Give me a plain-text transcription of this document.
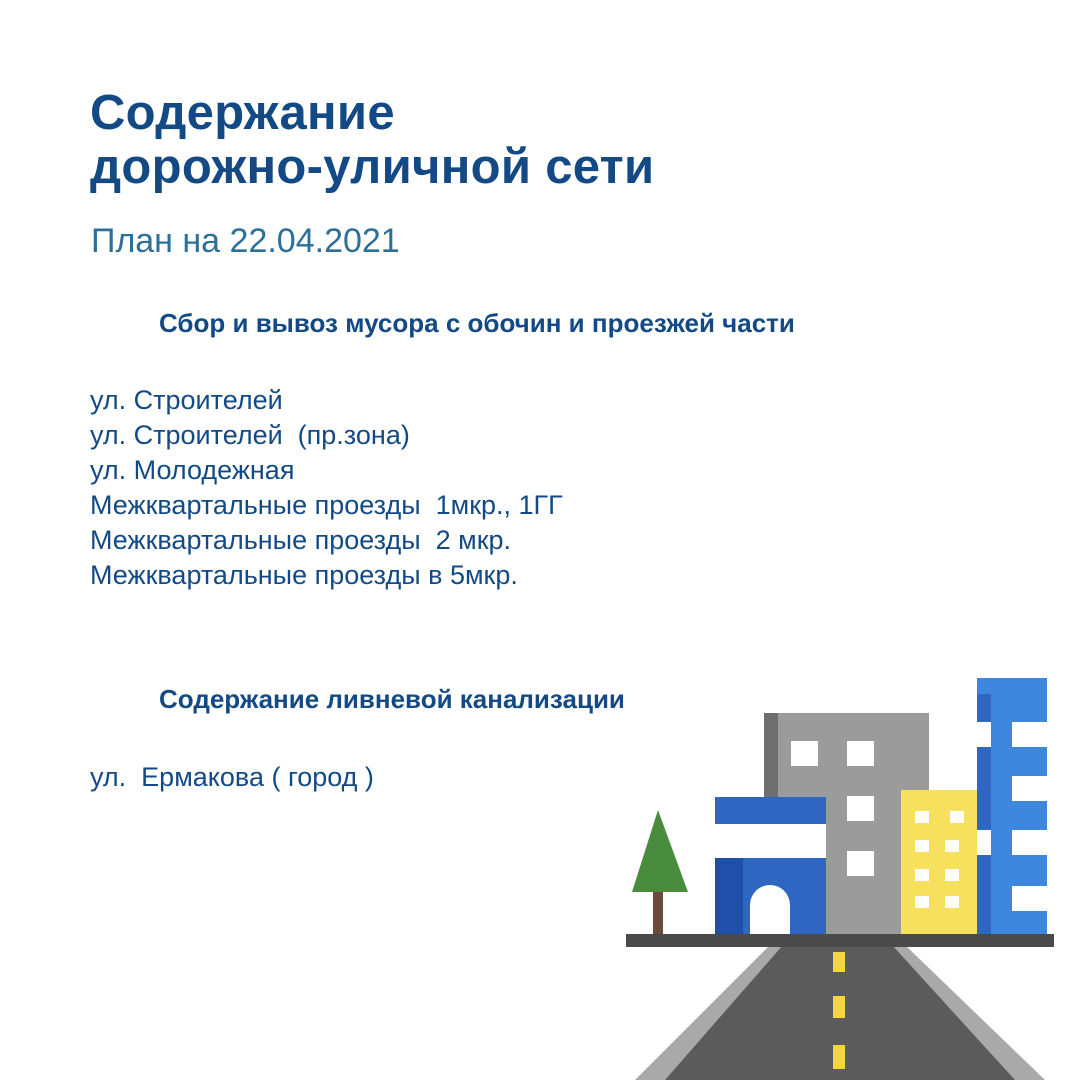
Содержание
дорожно-уличной сети
План на 22.04.2021
Сбор и вывоз мусора с обочин и проезжей части
ул. Строителей
ул. Строителей  (пр.зона)
ул. Молодежная
Межквартальные проезды  1мкр., 1ГГ
Межквартальные проезды  2 мкр.
Межквартальные проезды в 5мкр.
Содержание ливневой канализации
ул.  Ермакова ( город )
